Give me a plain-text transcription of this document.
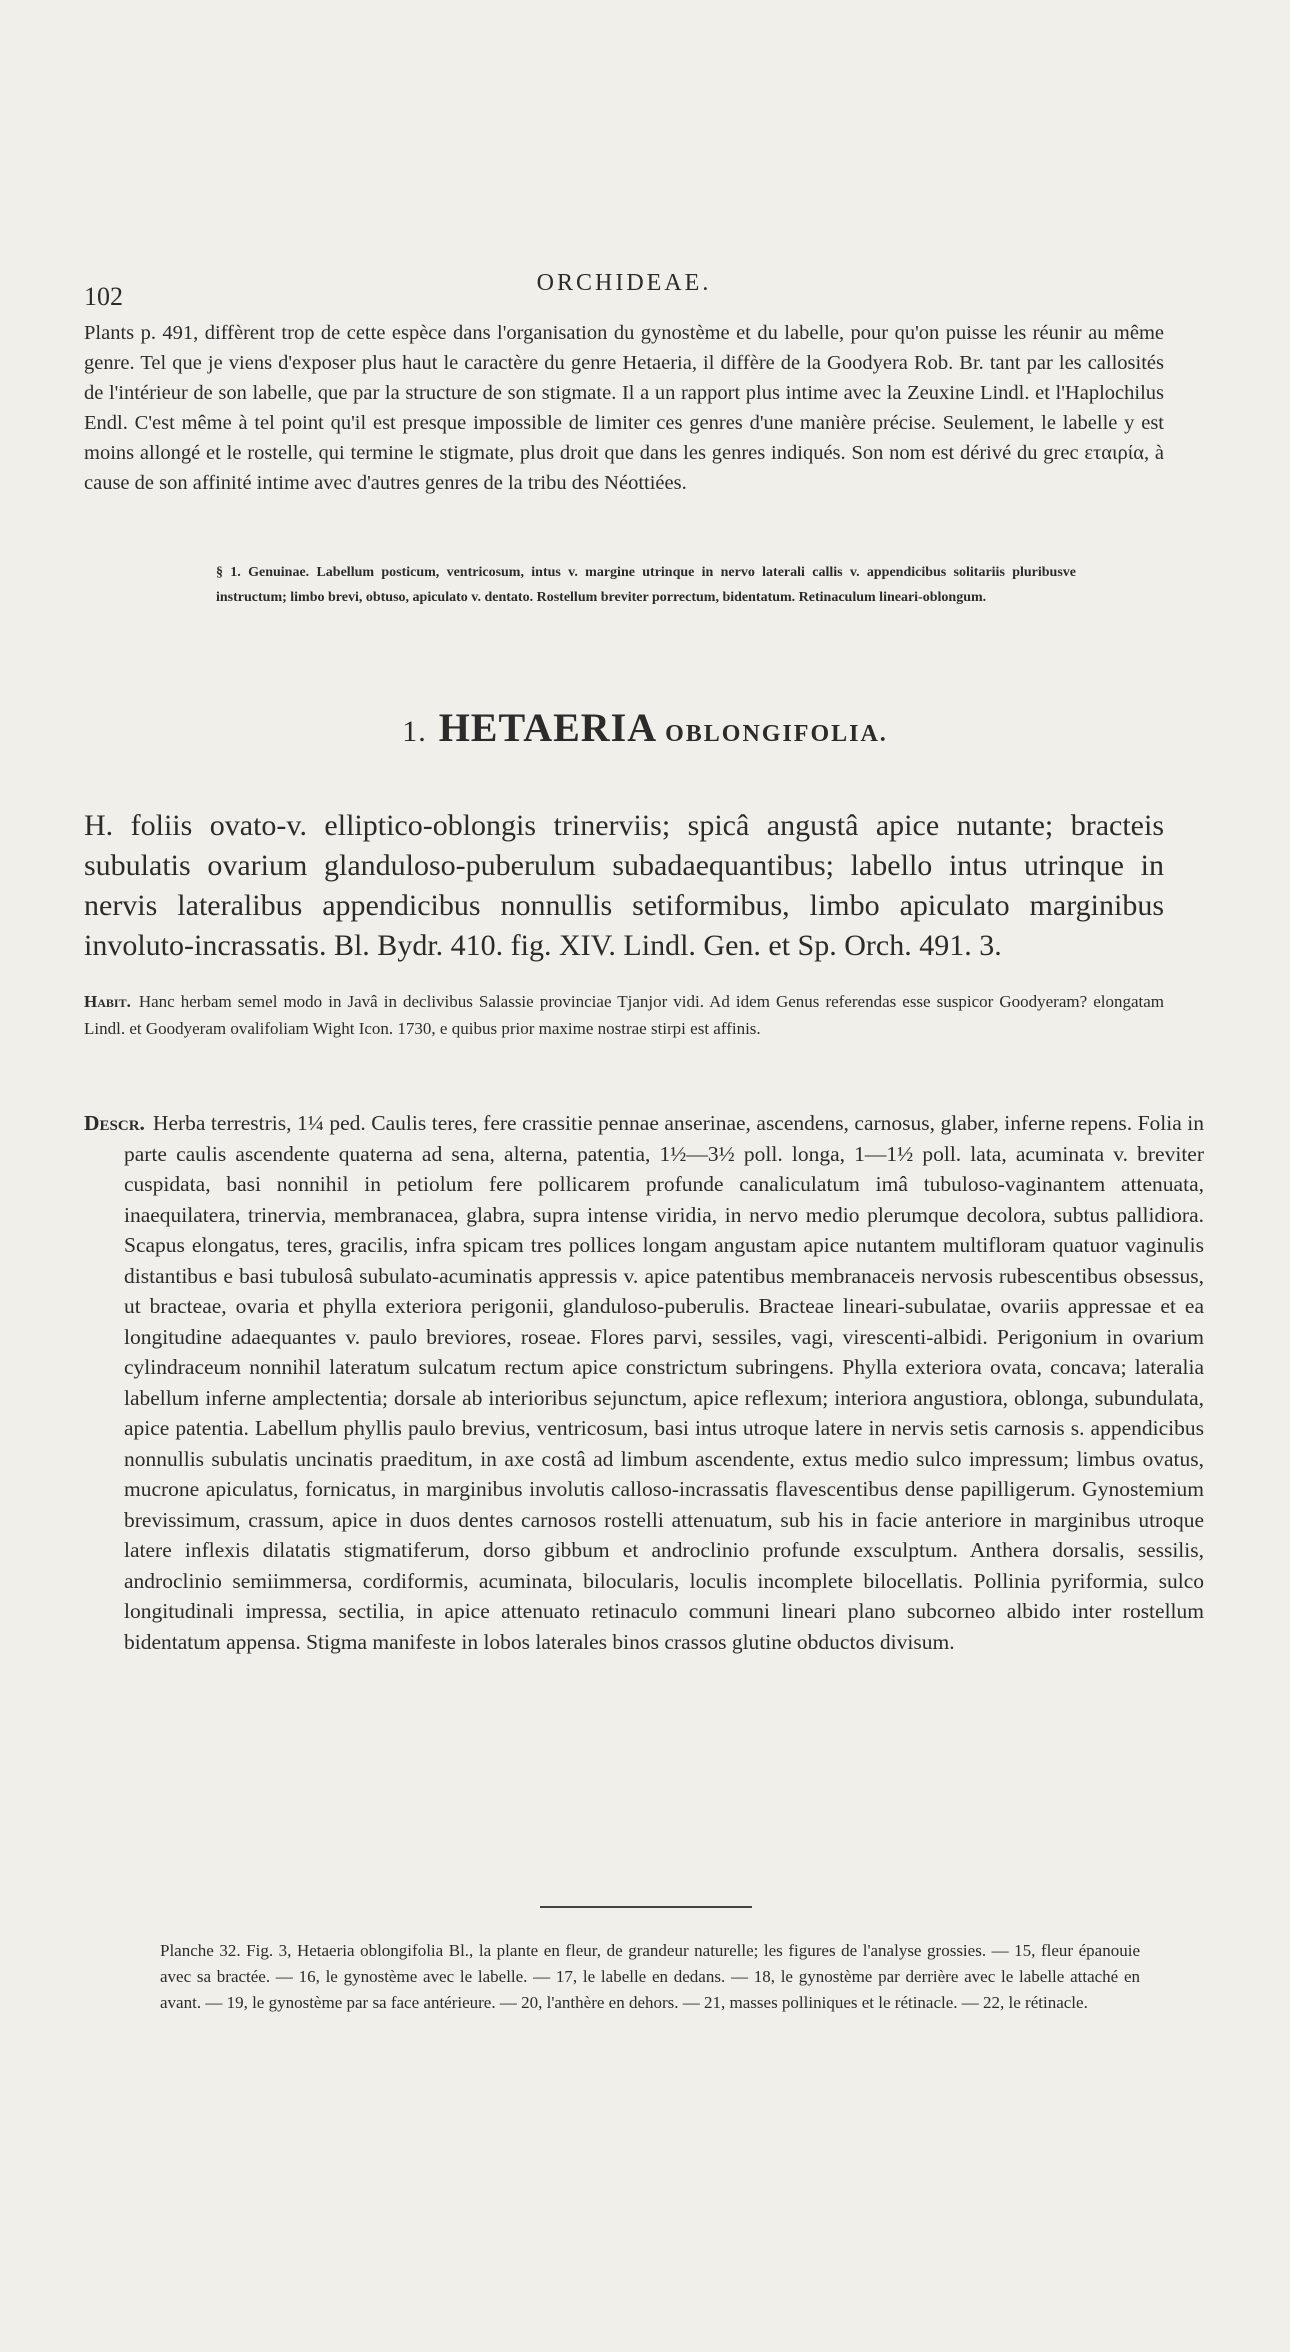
102	ORCHIDEAE.

Plants p. 491, diffèrent trop de cette espèce dans l'organisation du gynostème et du labelle, pour qu'on puisse les réunir au même genre. Tel que je viens d'exposer plus haut le caractère du genre Hetaeria, il diffère de la Goodyera Rob. Br. tant par les callosités de l'intérieur de son labelle, que par la structure de son stigmate. Il a un rapport plus intime avec la Zeuxine Lindl. et l'Haplochilus Endl. C'est même à tel point qu'il est presque impossible de limiter ces genres d'une manière précise. Seulement, le labelle y est moins allongé et le rostelle, qui termine le stigmate, plus droit que dans les genres indiqués. Son nom est dérivé du grec εταιρία, à cause de son affinité intime avec d'autres genres de la tribu des Néottiées.

§ 1. Genuinae. Labellum posticum, ventricosum, intus v. margine utrinque in nervo laterali callis v. appendicibus solitariis pluribusve instructum; limbo brevi, obtuso, apiculato v. dentato. Rostellum breviter porrectum, bidentatum. Retinaculum lineari-oblongum.

1. HETAERIA OBLONGIFOLIA.

H. foliis ovato-v. elliptico-oblongis trinerviis; spicâ angustâ apice nutante; bracteis subulatis ovarium glanduloso-puberulum subadaequantibus; labello intus utrinque in nervis lateralibus appendicibus nonnullis setiformibus, limbo apiculato marginibus involuto-incrassatis. Bl. Bydr. 410. fig. XIV. Lindl. Gen. et Sp. Orch. 491. 3.

Habit. Hanc herbam semel modo in Javâ in declivibus Salassie provinciae Tjanjor vidi. Ad idem Genus referendas esse suspicor Goodyeram? elongatam Lindl. et Goodyeram ovalifoliam Wight Icon. 1730, e quibus prior maxime nostrae stirpi est affinis.

Descr. Herba terrestris, 1¼ ped. Caulis teres, fere crassitie pennae anserinae, ascendens, carnosus, glaber, inferne repens. Folia in parte caulis ascendente quaterna ad sena, alterna, patentia, 1½—3½ poll. longa, 1—1½ poll. lata, acuminata v. breviter cuspidata, basi nonnihil in petiolum fere pollicarem profunde canaliculatum imâ tubuloso-vaginantem attenuata, inaequilatera, trinervia, membranacea, glabra, supra intense viridia, in nervo medio plerumque decolora, subtus pallidiora. Scapus elongatus, teres, gracilis, infra spicam tres pollices longam angustam apice nutantem multifloram quatuor vaginulis distantibus e basi tubulosâ subulato-acuminatis appressis v. apice patentibus membranaceis nervosis rubescentibus obsessus, ut bracteae, ovaria et phylla exteriora perigonii, glanduloso-puberulis. Bracteae lineari-subulatae, ovariis appressae et ea longitudine adaequantes v. paulo breviores, roseae. Flores parvi, sessiles, vagi, virescenti-albidi. Perigonium in ovarium cylindraceum nonnihil lateratum sulcatum rectum apice constrictum subringens. Phylla exteriora ovata, concava; lateralia labellum inferne amplectentia; dorsale ab interioribus sejunctum, apice reflexum; interiora angustiora, oblonga, subundulata, apice patentia. Labellum phyllis paulo brevius, ventricosum, basi intus utroque latere in nervis setis carnosis s. appendicibus nonnullis subulatis uncinatis praeditum, in axe costâ ad limbum ascendente, extus medio sulco impressum; limbus ovatus, mucrone apiculatus, fornicatus, in marginibus involutis calloso-incrassatis flavescentibus dense papilligerum. Gynostemium brevissimum, crassum, apice in duos dentes carnosos rostelli attenuatum, sub his in facie anteriore in marginibus utroque latere inflexis dilatatis stigmatiferum, dorso gibbum et androclinio profunde exsculptum. Anthera dorsalis, sessilis, androclinio semiimmersa, cordiformis, acuminata, bilocularis, loculis incomplete bilocellatis. Pollinia pyriformia, sulco longitudinali impressa, sectilia, in apice attenuato retinaculo communi lineari plano subcorneo albido inter rostellum bidentatum appensa. Stigma manifeste in lobos laterales binos crassos glutine obductos divisum.

Planche 32. Fig. 3, Hetaeria oblongifolia Bl., la plante en fleur, de grandeur naturelle; les figures de l'analyse grossies. — 15, fleur épanouie avec sa bractée. — 16, le gynostème avec le labelle. — 17, le labelle en dedans. — 18, le gynostème par derrière avec le labelle attaché en avant. — 19, le gynostème par sa face antérieure. — 20, l'anthère en dehors. — 21, masses polliniques et le rétinacle. — 22, le rétinacle.
